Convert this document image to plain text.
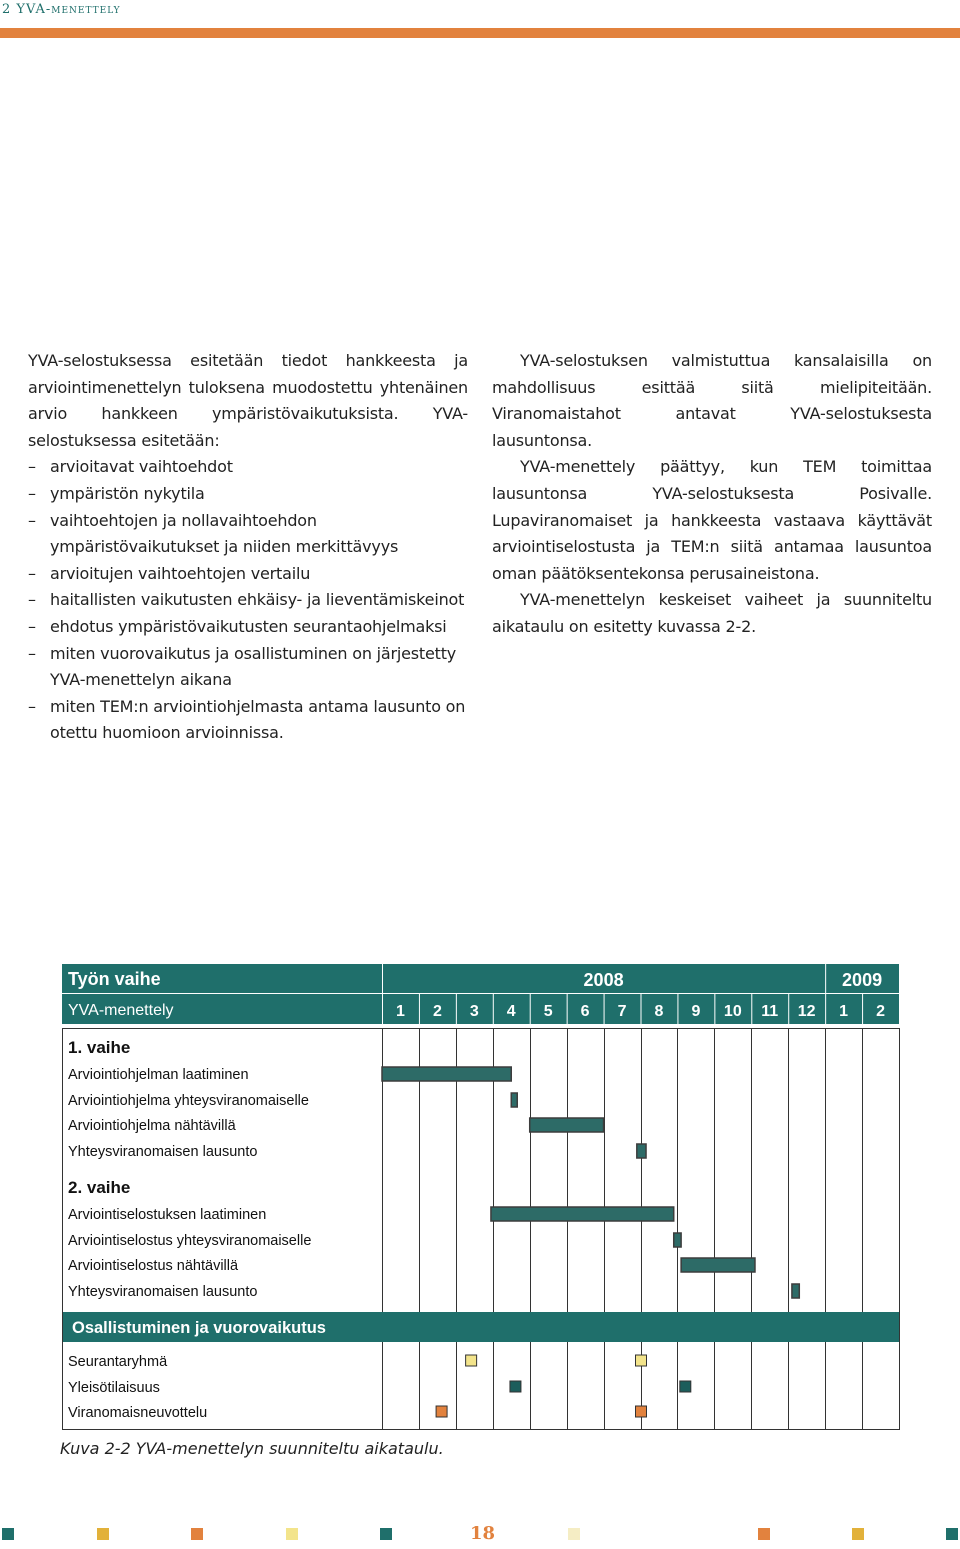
2 YVA-menettely

YVA-selostuksessa esitetään tiedot hankkeesta ja arviointimenettelyn tuloksena muodostettu yhtenäinen arvio hankkeen ympäristövaikutuksista. YVA-selostuksessa esitetään:

– arvioitavat vaihtoehdot
– ympäristön nykytila
– vaihtoehtojen ja nollavaihtoehdon ympäristövaikutukset ja niiden merkittävyys
– arvioitujen vaihtoehtojen vertailu
– haitallisten vaikutusten ehkäisy- ja lieventämiskeinot
– ehdotus ympäristövaikutusten seurantaohjelmaksi
– miten vuorovaikutus ja osallistuminen on järjestetty YVA-menettelyn aikana
– miten TEM:n arviointiohjelmasta antama lausunto on otettu huomioon arvioinnissa.

YVA-selostuksen valmistuttua kansalaisilla on mahdollisuus esittää siitä mielipiteitään. Viranomaistahot antavat YVA-selostuksesta lausuntonsa.

YVA-menettely päättyy, kun TEM toimittaa lausuntonsa YVA-selostuksesta Posivalle. Lupaviranomaiset ja hankkeesta vastaava käyttävät arviointiselostusta ja TEM:n siitä antamaa lausuntoa oman päätöksentekonsa perusaineistona.

YVA-menettelyn keskeiset vaiheet ja suunniteltu aikataulu on esitetty kuvassa 2-2.

2008	2009
1 2 3 4 5 6 7 8 9 10 11 12 1 2
Työn vaihe
YVA-menettely
1. vaihe
Arviointiohjelman laatiminen
Arviointiohjelma yhteysviranomaiselle
Arviointiohjelma nähtävillä
Yhteysviranomaisen lausunto
2. vaihe
Arviointiselostuksen laatiminen
Arviointiselostus yhteysviranomaiselle
Arviointiselostus nähtävillä
Yhteysviranomaisen lausunto
Osallistuminen ja vuorovaikutus
Seurantaryhmä
Yleisötilaisuus
Viranomaisneuvottelu
Kuva 2-2 YVA-menettelyn suunniteltu aikataulu.
18
